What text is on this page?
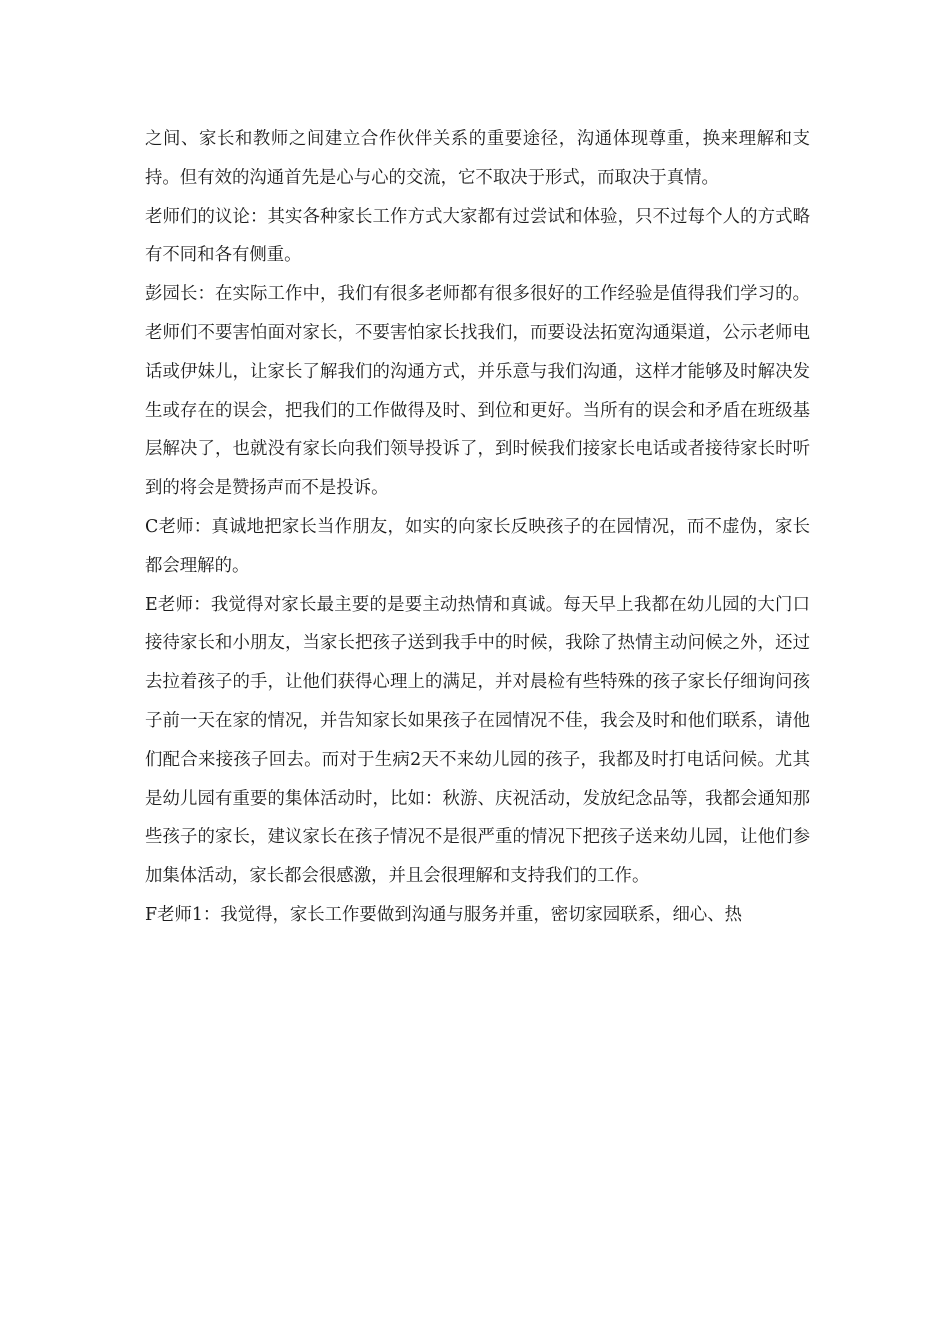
之间、家长和教师之间建立合作伙伴关系的重要途径，沟通体现尊重，换来理解和支持。但有效的沟通首先是心与心的交流，它不取决于形式，而取决于真情。

老师们的议论：其实各种家长工作方式大家都有过尝试和体验，只不过每个人的方式略有不同和各有侧重。

彭园长：在实际工作中，我们有很多老师都有很多很好的工作经验是值得我们学习的。老师们不要害怕面对家长，不要害怕家长找我们，而要设法拓宽沟通渠道，公示老师电话或伊妹儿，让家长了解我们的沟通方式，并乐意与我们沟通，这样才能够及时解决发生或存在的误会，把我们的工作做得及时、到位和更好。当所有的误会和矛盾在班级基层解决了，也就没有家长向我们领导投诉了，到时候我们接家长电话或者接待家长时听到的将会是赞扬声而不是投诉。

C老师：真诚地把家长当作朋友，如实的向家长反映孩子的在园情况，而不虚伪，家长都会理解的。

E老师：我觉得对家长最主要的是要主动热情和真诚。每天早上我都在幼儿园的大门口接待家长和小朋友，当家长把孩子送到我手中的时候，我除了热情主动问候之外，还过去拉着孩子的手，让他们获得心理上的满足，并对晨检有些特殊的孩子家长仔细询问孩子前一天在家的情况，并告知家长如果孩子在园情况不佳，我会及时和他们联系，请他们配合来接孩子回去。而对于生病2天不来幼儿园的孩子，我都及时打电话问候。尤其是幼儿园有重要的集体活动时，比如：秋游、庆祝活动，发放纪念品等，我都会通知那些孩子的家长，建议家长在孩子情况不是很严重的情况下把孩子送来幼儿园，让他们参加集体活动，家长都会很感激，并且会很理解和支持我们的工作。

F老师1：我觉得，家长工作要做到沟通与服务并重，密切家园联系，细心、热
